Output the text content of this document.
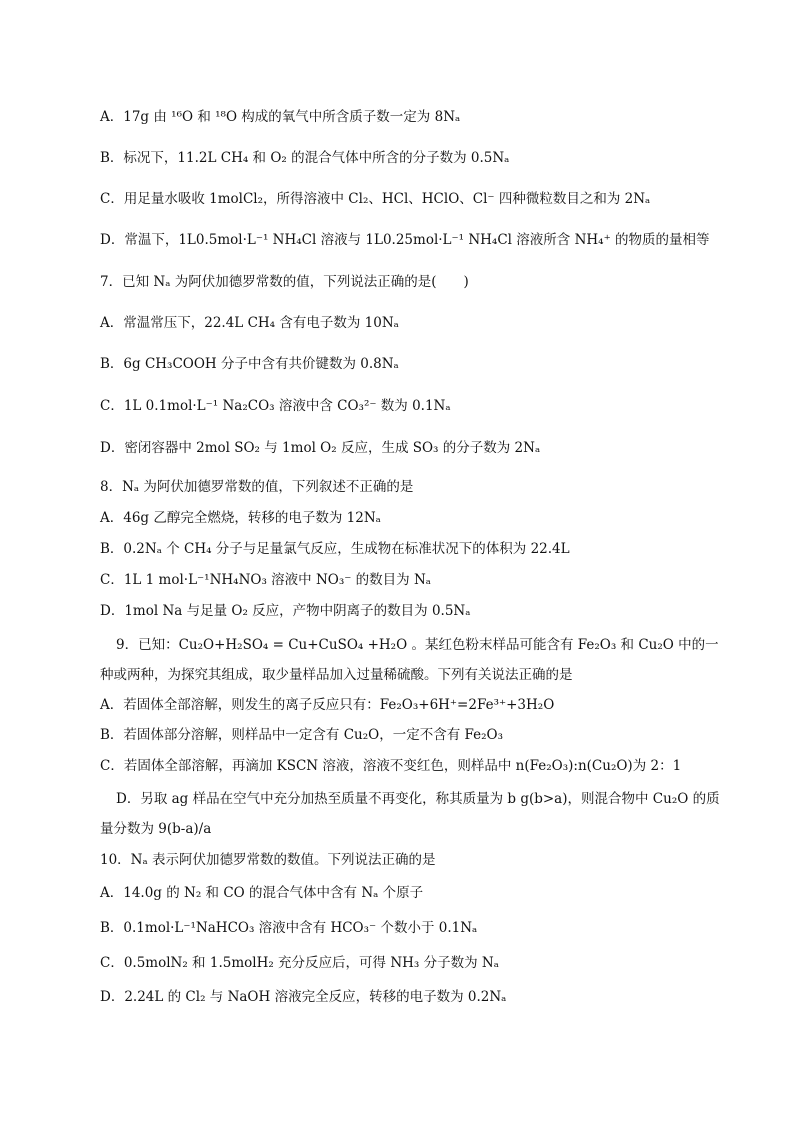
A．17g 由 ¹⁶O 和 ¹⁸O 构成的氧气中所含质子数一定为 8Nₐ
B．标况下，11.2L CH₄ 和 O₂ 的混合气体中所含的分子数为 0.5Nₐ
C．用足量水吸收 1molCl₂，所得溶液中 Cl₂、HCl、HClO、Cl⁻ 四种微粒数目之和为 2Nₐ
D．常温下，1L0.5mol·L⁻¹ NH₄Cl 溶液与 1L0.25mol·L⁻¹ NH₄Cl 溶液所含 NH₄⁺ 的物质的量相等
7．已知 Nₐ 为阿伏加德罗常数的值，下列说法正确的是(　　)
A．常温常压下，22.4L CH₄ 含有电子数为 10Nₐ
B．6g CH₃COOH 分子中含有共价键数为 0.8Nₐ
C．1L 0.1mol·L⁻¹ Na₂CO₃ 溶液中含 CO₃²⁻ 数为 0.1Nₐ
D．密闭容器中 2mol SO₂ 与 1mol O₂ 反应，生成 SO₃ 的分子数为 2Nₐ
8．Nₐ 为阿伏加德罗常数的值，下列叙述不正确的是
A．46g 乙醇完全燃烧，转移的电子数为 12Nₐ
B．0.2Nₐ 个 CH₄ 分子与足量氯气反应，生成物在标准状况下的体积为 22.4L
C．1L 1 mol·L⁻¹NH₄NO₃ 溶液中 NO₃⁻ 的数目为 Nₐ
D．1mol Na 与足量 O₂ 反应，产物中阴离子的数目为 0.5Nₐ
9．已知：Cu₂O+H₂SO₄ = Cu+CuSO₄ +H₂O 。某红色粉末样品可能含有 Fe₂O₃ 和 Cu₂O 中的一种或两种，为探究其组成，取少量样品加入过量稀硫酸。下列有关说法正确的是
A．若固体全部溶解，则发生的离子反应只有：Fe₂O₃+6H⁺=2Fe³⁺+3H₂O
B．若固体部分溶解，则样品中一定含有 Cu₂O，一定不含有 Fe₂O₃
C．若固体全部溶解，再滴加 KSCN 溶液，溶液不变红色，则样品中 n(Fe₂O₃):n(Cu₂O)为 2：1
D．另取 ag 样品在空气中充分加热至质量不再变化，称其质量为 b g(b>a)，则混合物中 Cu₂O 的质量分数为 9(b-a)/a
10．Nₐ 表示阿伏加德罗常数的数值。下列说法正确的是
A．14.0g 的 N₂ 和 CO 的混合气体中含有 Nₐ 个原子
B．0.1mol·L⁻¹NaHCO₃ 溶液中含有 HCO₃⁻ 个数小于 0.1Nₐ
C．0.5molN₂ 和 1.5molH₂ 充分反应后，可得 NH₃ 分子数为 Nₐ
D．2.24L 的 Cl₂ 与 NaOH 溶液完全反应，转移的电子数为 0.2Nₐ
